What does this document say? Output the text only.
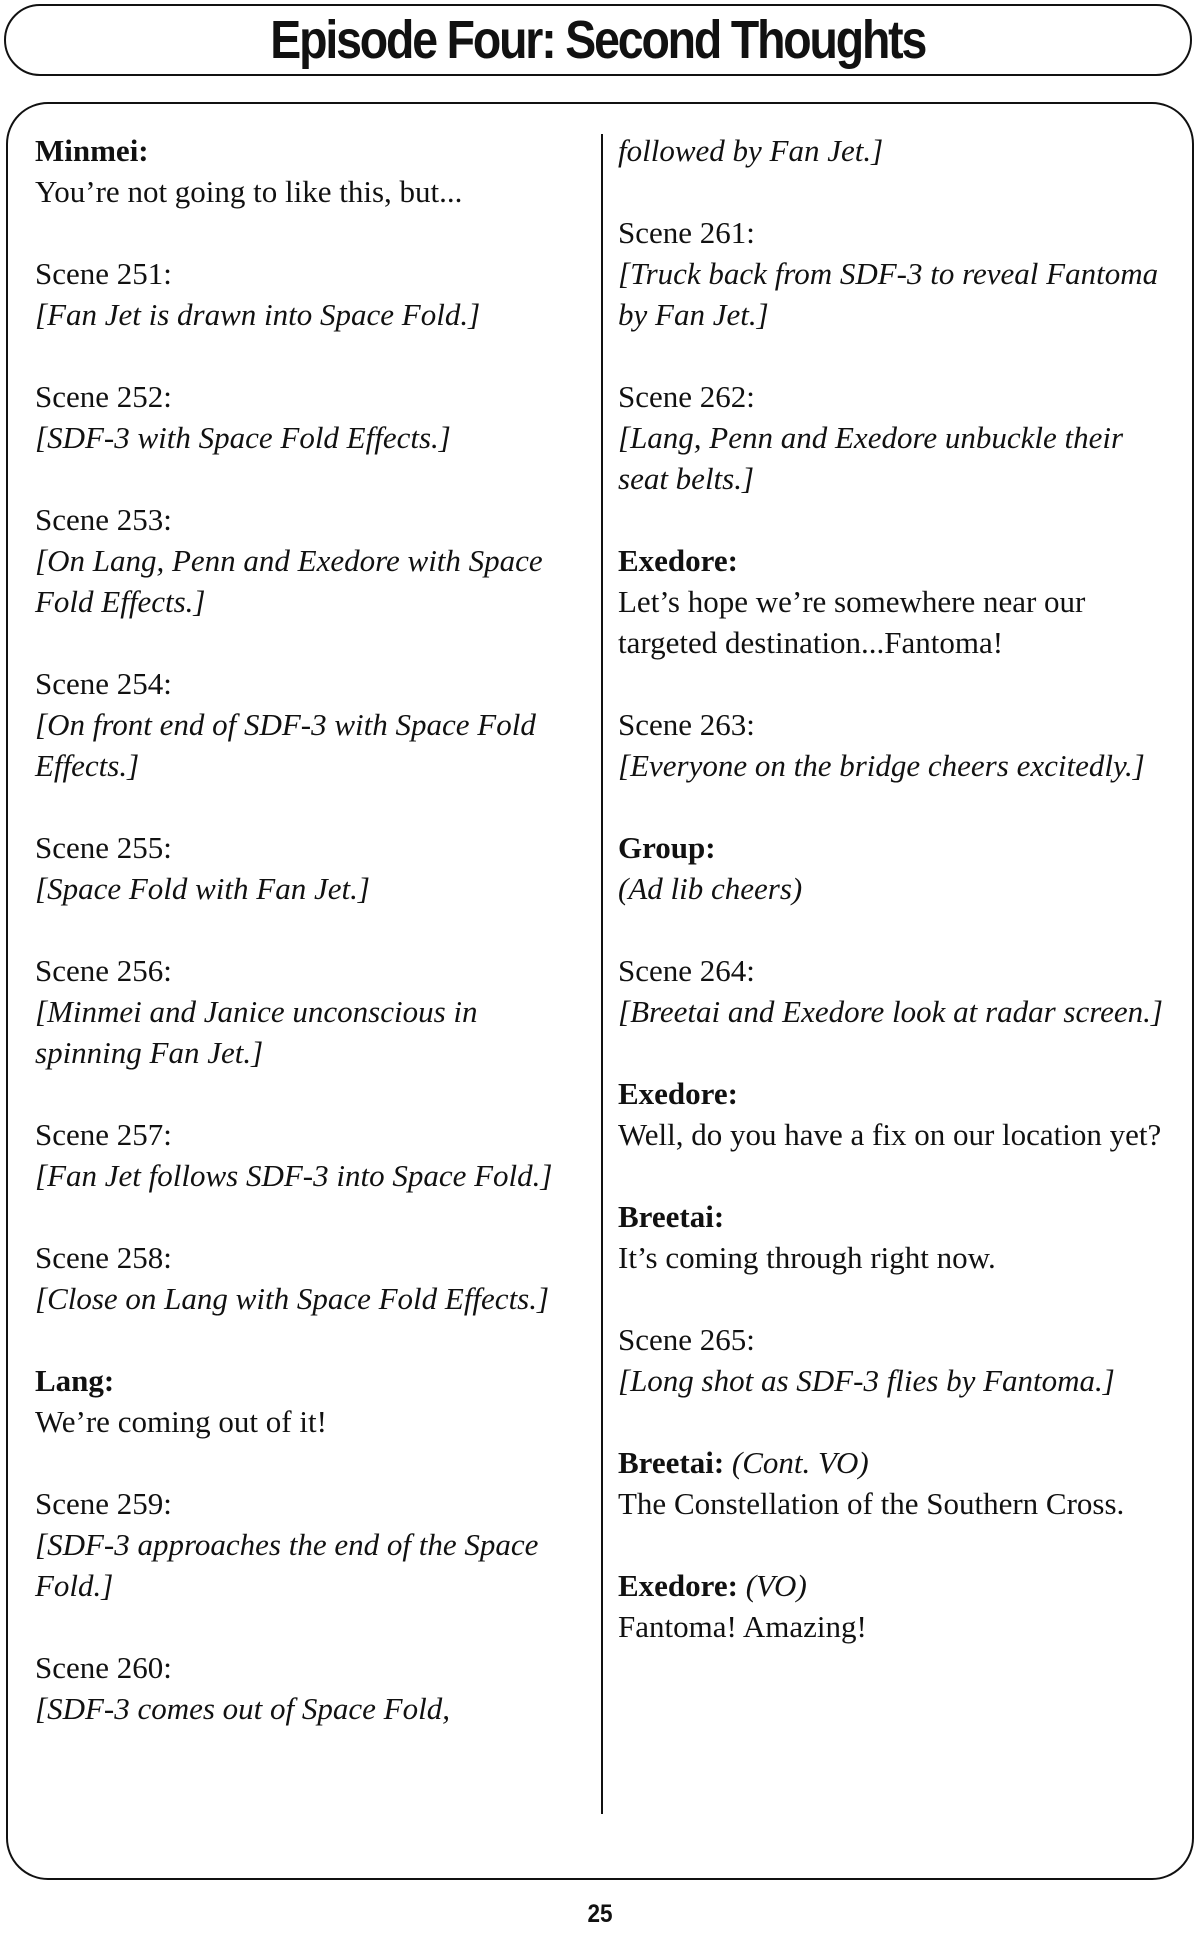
Episode Four: Second Thoughts
Minmei:
You’re not going to like this, but...
Scene 251:
[Fan Jet is drawn into Space Fold.]
Scene 252:
[SDF-3 with Space Fold Effects.]
Scene 253:
[On Lang, Penn and Exedore with Space Fold Effects.]
Scene 254:
[On front end of SDF-3 with Space Fold Effects.]
Scene 255:
[Space Fold with Fan Jet.]
Scene 256:
[Minmei and Janice unconscious in spinning Fan Jet.]
Scene 257:
[Fan Jet follows SDF-3 into Space Fold.]
Scene 258:
[Close on Lang with Space Fold Effects.]
Lang:
We’re coming out of it!
Scene 259:
[SDF-3 approaches the end of the Space Fold.]
Scene 260:
[SDF-3 comes out of Space Fold,
followed by Fan Jet.]
Scene 261:
[Truck back from SDF-3 to reveal Fantoma by Fan Jet.]
Scene 262:
[Lang, Penn and Exedore unbuckle their seat belts.]
Exedore:
Let’s hope we’re somewhere near our targeted destination...Fantoma!
Scene 263:
[Everyone on the bridge cheers excitedly.]
Group:
(Ad lib cheers)
Scene 264:
[Breetai and Exedore look at radar screen.]
Exedore:
Well, do you have a fix on our location yet?
Breetai:
It’s coming through right now.
Scene 265:
[Long shot as SDF-3 flies by Fantoma.]
Breetai: (Cont. VO)
The Constellation of the Southern Cross.
Exedore: (VO)
Fantoma! Amazing!
25
